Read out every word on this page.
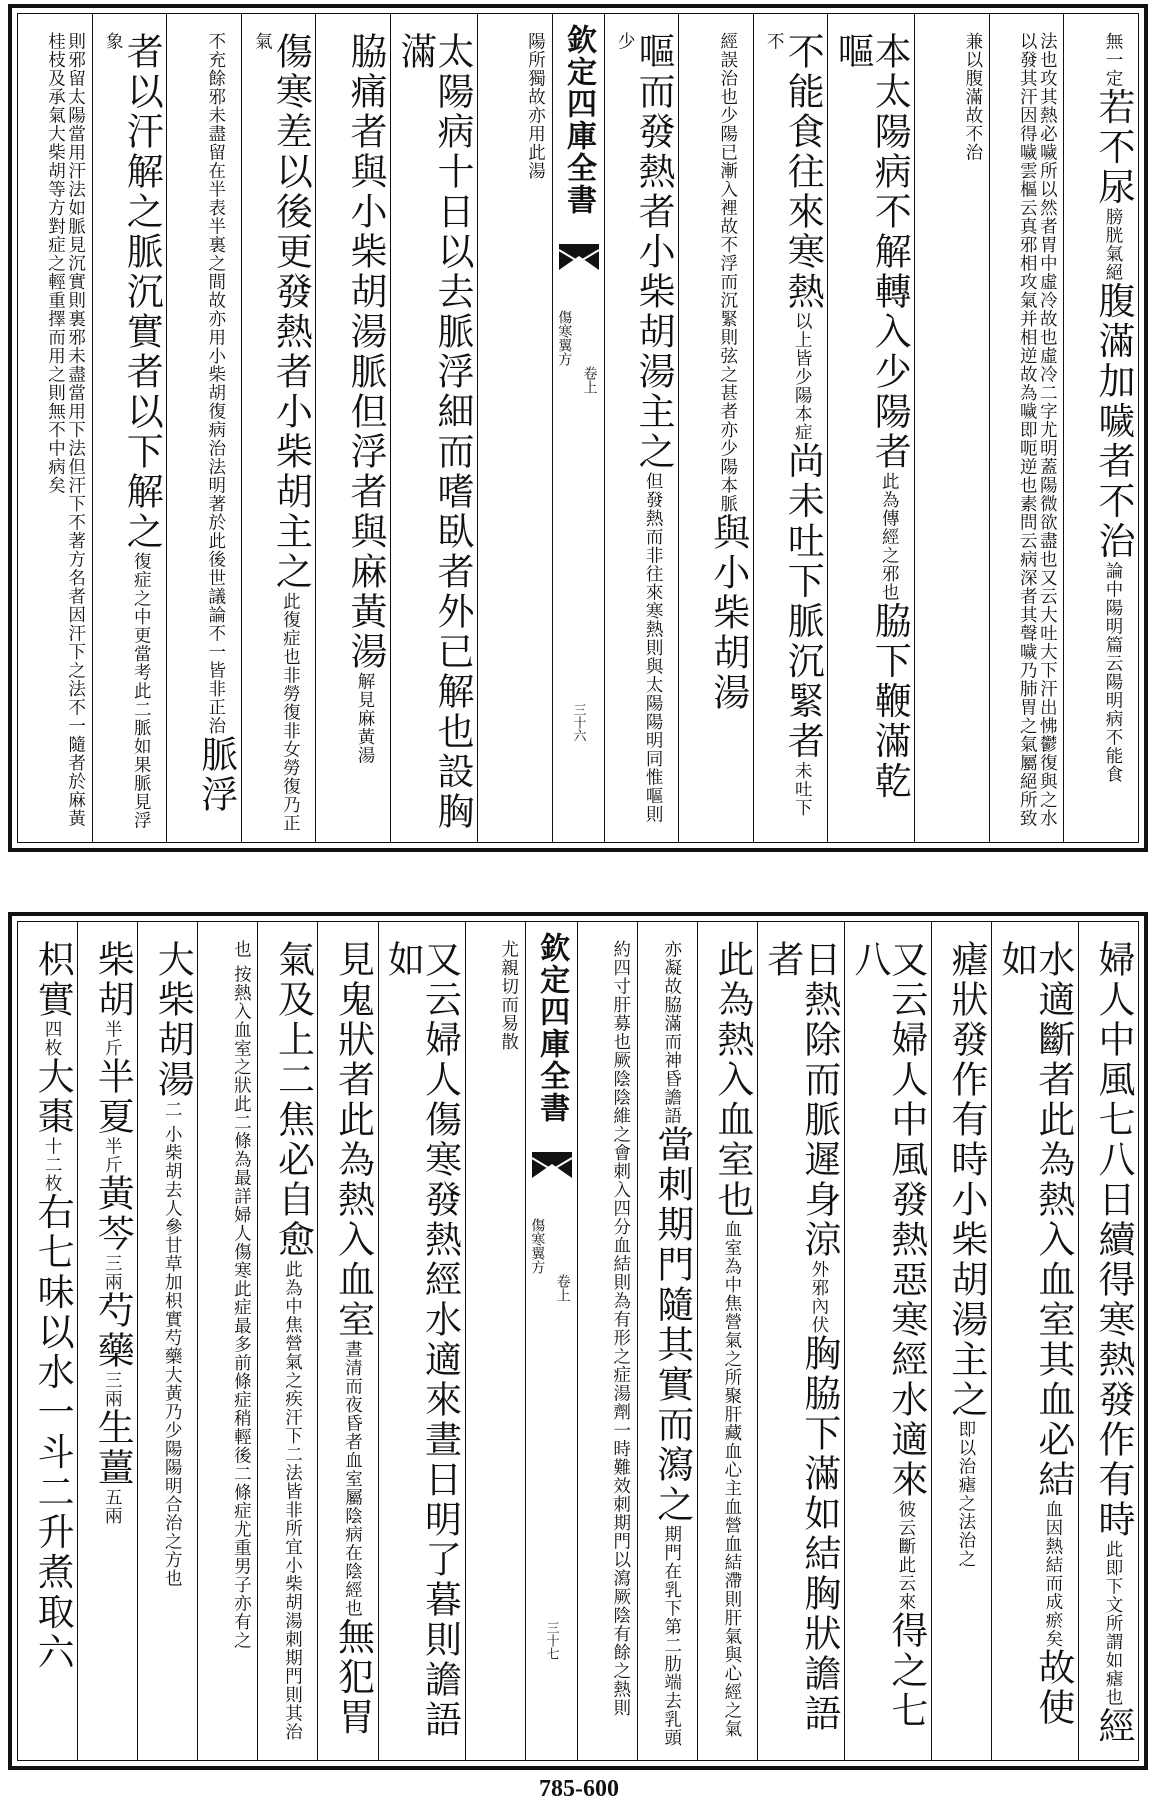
無一定若不尿膀胱氣絕腹滿加噦者不治論中陽明篇云陽明病不能食
法也攻其熱必噦所以然者胃中虛冷故也虛冷二字尤明蓋陽微欲盡也又云大吐大下汗出怫鬱復與之水以發其汗因得噦雲樞云真邪相攻氣并相逆故為噦即呃逆也素問云病深者其聲噦乃肺胃之氣屬絕所致
兼以腹滿故不治
本太陽病不解轉入少陽者此為傳經之邪也脇下鞭滿乾嘔
不能食往來寒熱以上皆少陽本症尚未吐下脈沉緊者未吐下不
經誤治也少陽已漸入裡故不浮而沉緊則弦之甚者亦少陽本脈與小柴胡湯
嘔而發熱者小柴胡湯主之但發熱而非往來寒熱則與太陽陽明同惟嘔則少
欽定四庫全書
傷寒翼方
卷上
三十六
陽所獨故亦用此湯
太陽病十日以去脈浮細而嗜臥者外已解也設胸滿
脇痛者與小柴胡湯脈但浮者與麻黃湯解見麻黃湯
傷寒差以後更發熱者小柴胡主之此復症也非勞復非女勞復乃正氣
不充餘邪未盡留在半表半裏之間故亦用小柴胡復病治法明著於此後世議論不一皆非正治脈浮
者以汗解之脈沉實者以下解之復症之中更當考此二脈如果脈見浮象
則邪留太陽當用汗法如脈見沉實則裏邪未盡當用下法但汗下不著方名者因汗下之法不一隨者於麻黃桂枝及承氣大柴胡等方對症之輕重擇而用之則無不中病矣
婦人中風七八日續得寒熱發作有時此即下文所謂如瘧也經
水適斷者此為熱入血室其血必結血因熱結而成瘀矣故使如
瘧狀發作有時小柴胡湯主之即以治瘧之法治之
又云婦人中風發熱惡寒經水適來彼云斷此云來得之七八
日熱除而脈遲身涼外邪內伏胸脇下滿如結胸狀譫語者
此為熱入血室也血室為中焦營氣之所聚肝藏血心主血營血結滯則肝氣與心經之氣
亦凝故脇滿而神昏譫語當刺期門隨其實而瀉之期門在乳下第二肋端去乳頭
約四寸肝募也厥陰陰維之會刺入四分血結則為有形之症湯劑一時難效刺期門以瀉厥陰有餘之熱則
欽定四庫全書
傷寒翼方
卷上
三十七
尤親切而易散
又云婦人傷寒發熱經水適來晝日明了暮則譫語如
見鬼狀者此為熱入血室晝清而夜昏者血室屬陰病在陰經也無犯胃
氣及上二焦必自愈此為中焦營氣之疾汗下二法皆非所宜小柴胡湯刺期門則其治
也 按熱入血室之狀此二條為最詳婦人傷寒此症最多前條症稍輕後二條症尤重男子亦有之
大柴胡湯二 小柴胡去人參甘草加枳實芍藥大黃乃少陽陽明合治之方也
柴胡半斤半夏半斤黃芩三兩芍藥三兩生薑五兩
枳實四枚大棗十二枚右七味以水一斗二升煮取六
785-600
